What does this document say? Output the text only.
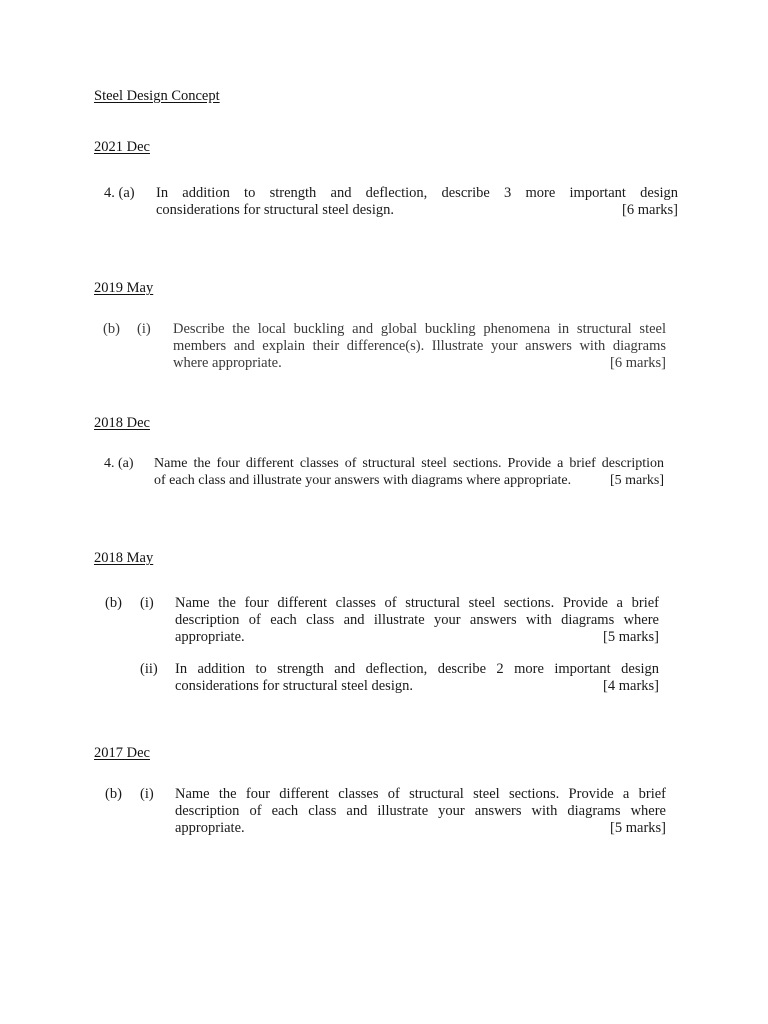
Steel Design Concept
2021 Dec
4. (a) In addition to strength and deflection, describe 3 more important design
considerations for structural steel design.	[6 marks]
2019 May
(b) (i) Describe the local buckling and global buckling phenomena in structural steel
members and explain their difference(s). Illustrate your answers with diagrams
where appropriate.	[6 marks]
2018 Dec
4. (a) Name the four different classes of structural steel sections. Provide a brief description
of each class and illustrate your answers with diagrams where appropriate.	[5 marks]
2018 May
(b) (i) Name the four different classes of structural steel sections. Provide a brief
description of each class and illustrate your answers with diagrams where
appropriate.	[5 marks]
(ii) In addition to strength and deflection, describe 2 more important design
considerations for structural steel design.	[4 marks]
2017 Dec
(b) (i) Name the four different classes of structural steel sections. Provide a brief
description of each class and illustrate your answers with diagrams where
appropriate.	[5 marks]
